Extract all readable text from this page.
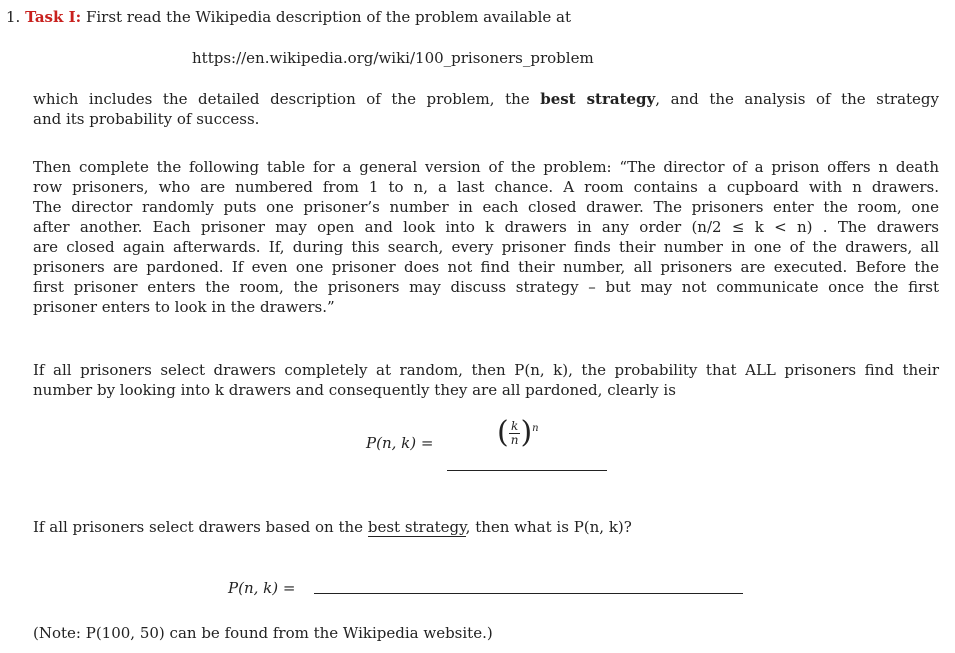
1. Task I: First read the Wikipedia description of the problem available at
https://en.wikipedia.org/wiki/100_prisoners_problem
which includes the detailed description of the problem, the best strategy, and the analysis of the strategy
and its probability of success.
Then complete the following table for a general version of the problem: “The director of a prison offers n death
row prisoners, who are numbered from 1 to n, a last chance. A room contains a cupboard with n drawers.
The director randomly puts one prisoner’s number in each closed drawer. The prisoners enter the room, one
after another. Each prisoner may open and look into k drawers in any order (n/2 ≤ k < n) . The drawers
are closed again afterwards. If, during this search, every prisoner finds their number in one of the drawers, all
prisoners are pardoned. If even one prisoner does not find their number, all prisoners are executed. Before the
first prisoner enters the room, the prisoners may discuss strategy – but may not communicate once the first
prisoner enters to look in the drawers.”
If all prisoners select drawers completely at random, then P(n, k), the probability that ALL prisoners find their
number by looking into k drawers and consequently they are all pardoned, clearly is
P(n, k) = ( $\frac{k}{n} )^n$
If all prisoners select drawers based on the best strategy, then what is P(n, k)?
P(n, k) =
(Note: P(100, 50) can be found from the Wikipedia website.)
